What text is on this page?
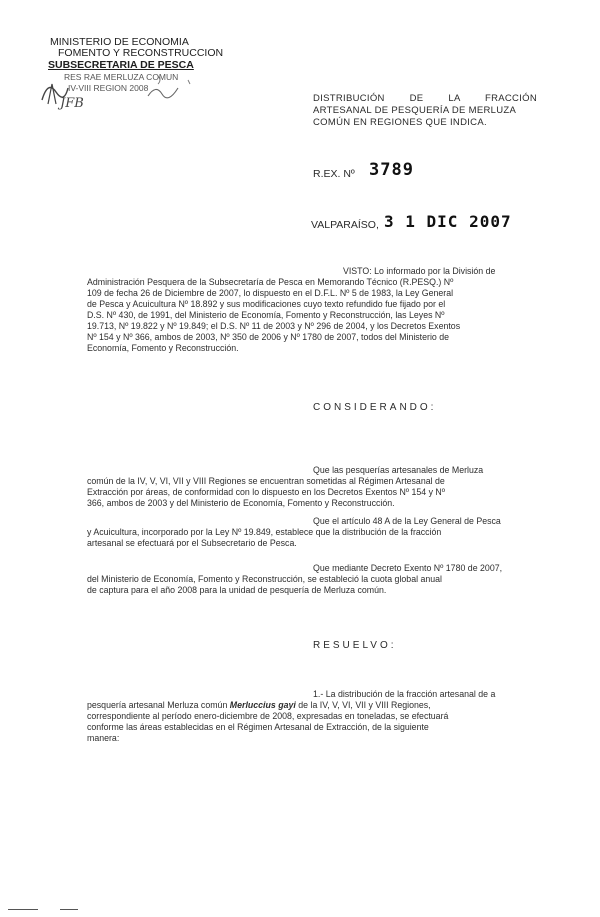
MINISTERIO DE ECONOMIA
FOMENTO Y RECONSTRUCCION
SUBSECRETARIA DE PESCA
RES RAE MERLUZA COMUN
IV-VIII REGION 2008
JFB	DISTRIBUCIÓN DE LA FRACCIÓN
ARTESANAL DE PESQUERÍA DE MERLUZA
COMÚN EN REGIONES QUE INDICA.
R.EX. Nº 3789
VALPARAÍSO, 3 1 DIC 2007

VISTO: Lo informado por la División de

Administración Pesquera de la Subsecretaría de Pesca en Memorando Técnico (R.PESQ.) Nº

109 de fecha 26 de Diciembre de 2007, lo dispuesto en el D.F.L. Nº 5 de 1983, la Ley General

de Pesca y Acuicultura Nº 18.892 y sus modificaciones cuyo texto refundido fue fijado por el

D.S. Nº 430, de 1991, del Ministerio de Economía, Fomento y Reconstrucción, las Leyes Nº

19.713, Nº 19.822 y Nº 19.849; el D.S. Nº 11 de 2003 y Nº 296 de 2004, y los Decretos Exentos

Nº 154 y Nº 366, ambos de 2003, Nº 350 de 2006 y Nº 1780 de 2007, todos del Ministerio de

Economía, Fomento y Reconstrucción.

CONSIDERANDO:

Que las pesquerías artesanales de Merluza

común de la IV, V, VI, VII y VIII Regiones se encuentran sometidas al Régimen Artesanal de

Extracción por áreas, de conformidad con lo dispuesto en los Decretos Exentos Nº 154 y Nº

366, ambos de 2003 y del Ministerio de Economía, Fomento y Reconstrucción.

Que el artículo 48 A de la Ley General de Pesca

y Acuicultura, incorporado por la Ley Nº 19.849, establece que la distribución de la fracción

artesanal se efectuará por el Subsecretario de Pesca.

Que mediante Decreto Exento Nº 1780 de 2007,

del Ministerio de Economía, Fomento y Reconstrucción, se estableció la cuota global anual

de captura para el año 2008 para la unidad de pesquería de Merluza común.

RESUELVO:

1.- La distribución de la fracción artesanal de a

pesquería artesanal Merluza común Merluccius gayi de la IV, V, VI, VII y VIII Regiones,

correspondiente al período enero-diciembre de 2008, expresadas en toneladas, se efectuará

conforme las áreas establecidas en el Régimen Artesanal de Extracción, de la siguiente

manera:
